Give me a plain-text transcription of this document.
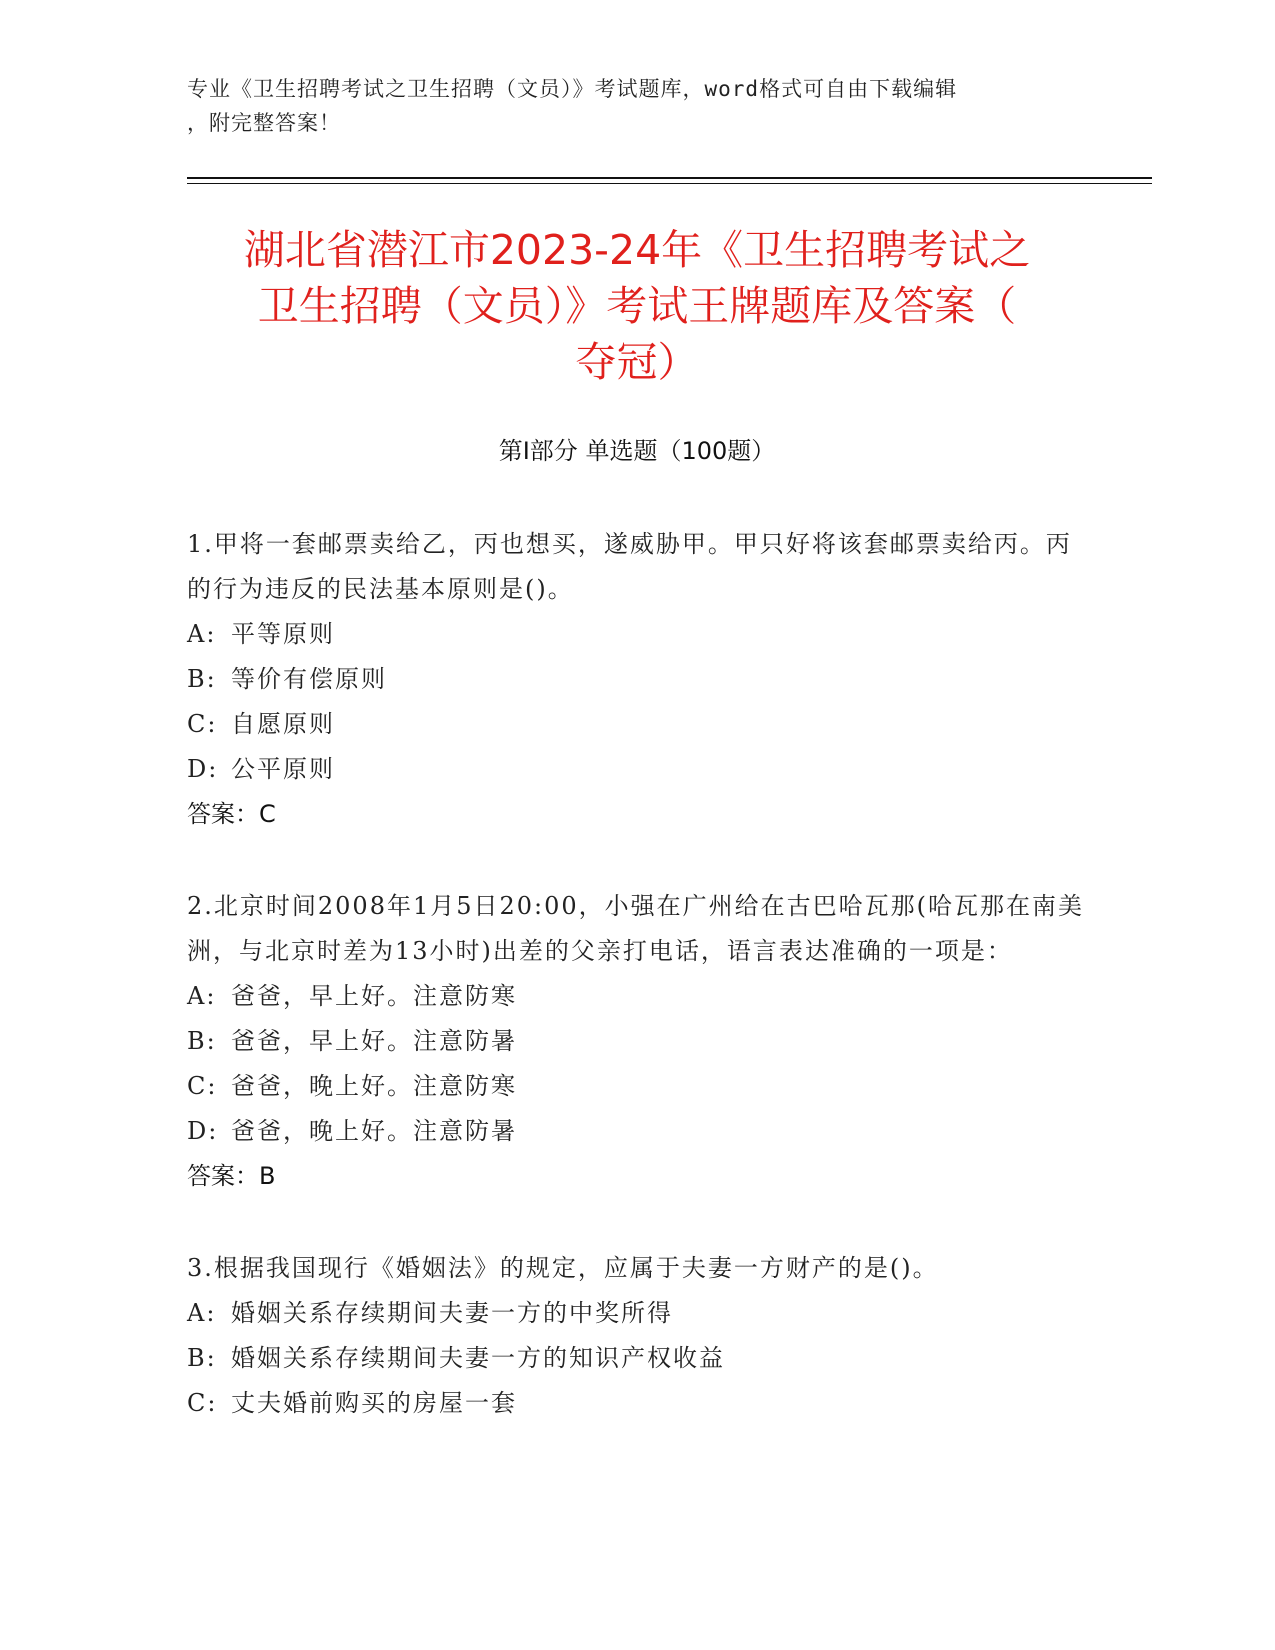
专业《卫生招聘考试之卫生招聘（文员）》考试题库，word格式可自由下载编辑
，附完整答案！
湖北省潜江市2023-24年《卫生招聘考试之
卫生招聘（文员）》考试王牌题库及答案（
夺冠）
第Ⅰ部分 单选题（100题）
1.甲将一套邮票卖给乙，丙也想买，遂威胁甲。甲只好将该套邮票卖给丙。丙的行为违反的民法基本原则是()。
A: 平等原则
B: 等价有偿原则
C: 自愿原则
D: 公平原则
答案：C
2.北京时间2008年1月5日20:00，小强在广州给在古巴哈瓦那(哈瓦那在南美洲，与北京时差为13小时)出差的父亲打电话，语言表达准确的一项是：
A: 爸爸，早上好。注意防寒
B: 爸爸，早上好。注意防暑
C: 爸爸，晚上好。注意防寒
D: 爸爸，晚上好。注意防暑
答案：B
3.根据我国现行《婚姻法》的规定，应属于夫妻一方财产的是()。
A: 婚姻关系存续期间夫妻一方的中奖所得
B: 婚姻关系存续期间夫妻一方的知识产权收益
C: 丈夫婚前购买的房屋一套
